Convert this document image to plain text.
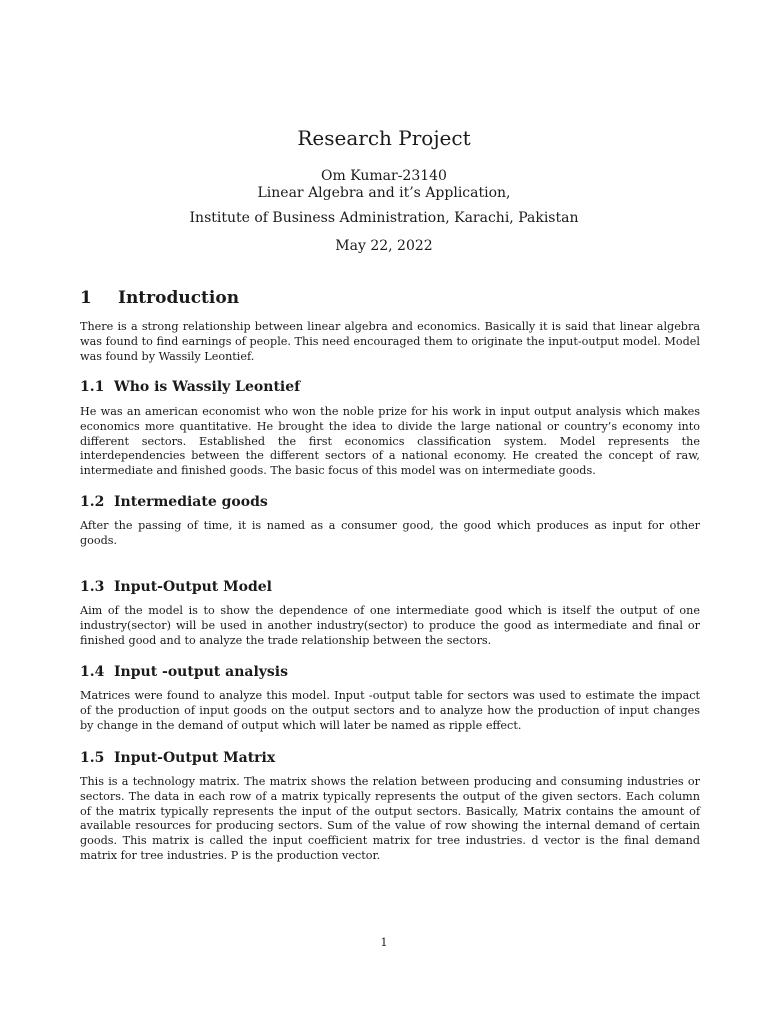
Research Project
Om Kumar-23140
Linear Algebra and it’s Application,
Institute of Business Administration, Karachi, Pakistan
May 22, 2022
1 Introduction

There is a strong relationship between linear algebra and economics. Basically it is said that linear algebra was found to find earnings of people. This need encouraged them to originate the input-output model. Model was found by Wassily Leontief.

1.1 Who is Wassily Leontief

He was an american economist who won the noble prize for his work in input output analysis which makes economics more quantitative. He brought the idea to divide the large national or country’s economy into different sectors. Established the first economics classification system. Model represents the interdependencies between the different sectors of a national economy. He created the concept of raw, intermediate and finished goods. The basic focus of this model was on intermediate goods.

1.2 Intermediate goods

After the passing of time, it is named as a consumer good, the good which produces as input for other goods.

1.3 Input-Output Model

Aim of the model is to show the dependence of one intermediate good which is itself the output of one industry(sector) will be used in another industry(sector) to produce the good as intermediate and final or finished good and to analyze the trade relationship between the sectors.

1.4 Input -output analysis

Matrices were found to analyze this model. Input -output table for sectors was used to estimate the impact of the production of input goods on the output sectors and to analyze how the production of input changes by change in the demand of output which will later be named as ripple effect.

1.5 Input-Output Matrix

This is a technology matrix. The matrix shows the relation between producing and consuming industries or sectors. The data in each row of a matrix typically represents the output of the given sectors. Each column of the matrix typically represents the input of the output sectors. Basically, Matrix contains the amount of available resources for producing sectors. Sum of the value of row showing the internal demand of certain goods. This matrix is called the input coefficient matrix for tree industries. d vector is the final demand matrix for tree industries. P is the production vector.

1
